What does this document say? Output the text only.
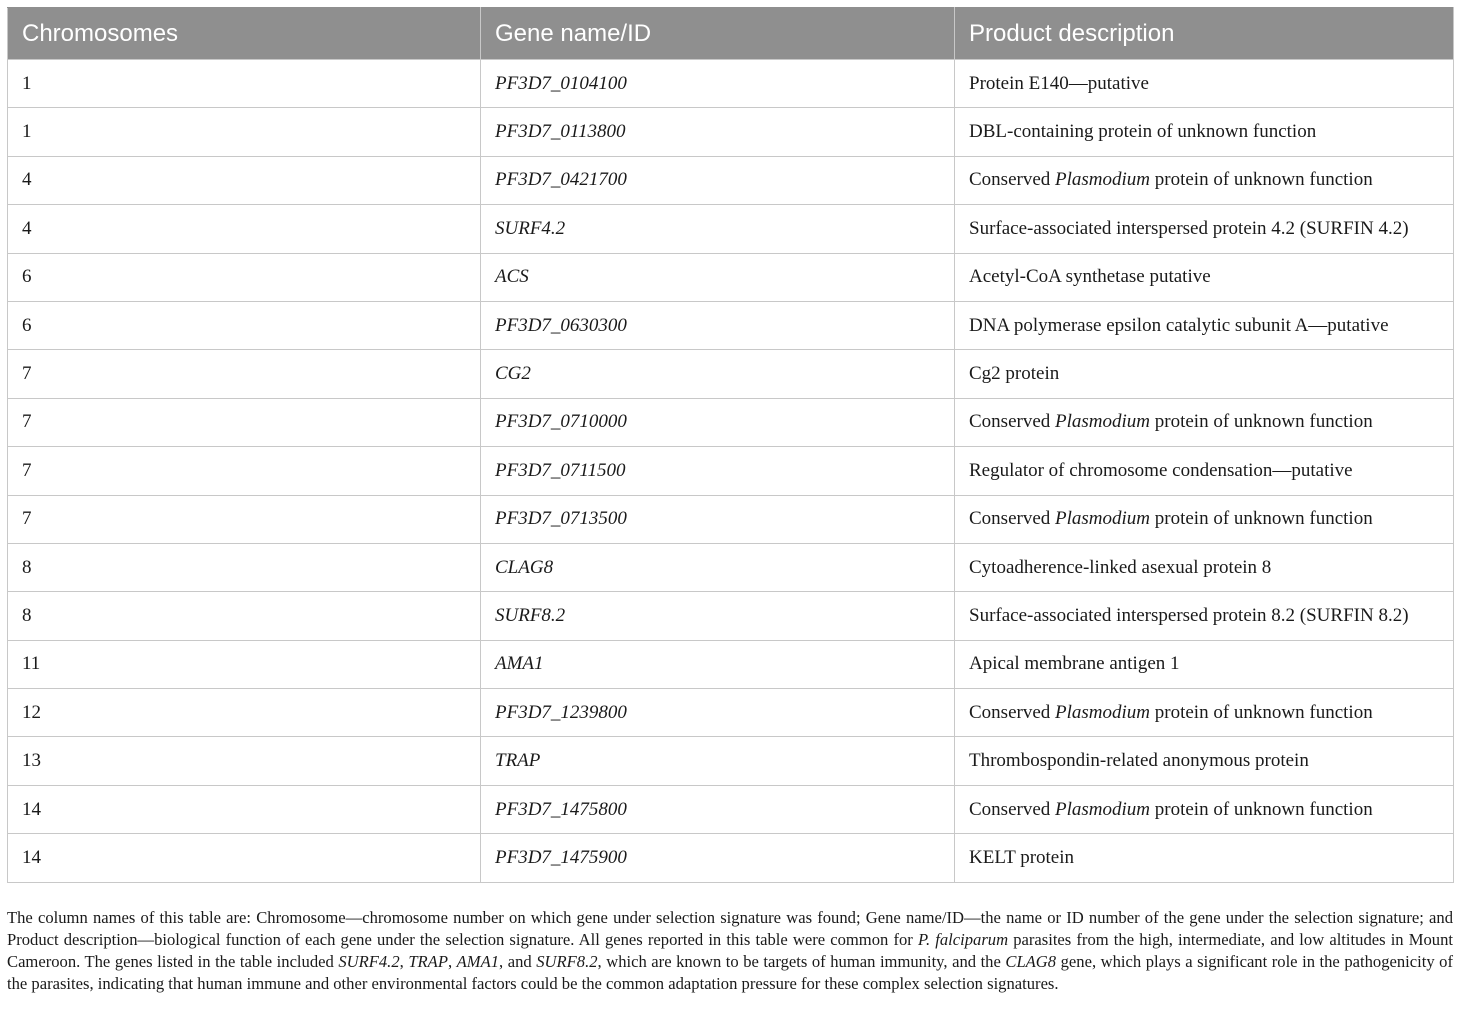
Chromosomes	Gene name/ID	Product description
1	PF3D7_0104100	Protein E140—putative
1	PF3D7_0113800	DBL-containing protein of unknown function
4	PF3D7_0421700	Conserved Plasmodium protein of unknown function
4	SURF4.2	Surface-associated interspersed protein 4.2 (SURFIN 4.2)
6	ACS	Acetyl-CoA synthetase putative
6	PF3D7_0630300	DNA polymerase epsilon catalytic subunit A—putative
7	CG2	Cg2 protein
7	PF3D7_0710000	Conserved Plasmodium protein of unknown function
7	PF3D7_0711500	Regulator of chromosome condensation—putative
7	PF3D7_0713500	Conserved Plasmodium protein of unknown function
8	CLAG8	Cytoadherence-linked asexual protein 8
8	SURF8.2	Surface-associated interspersed protein 8.2 (SURFIN 8.2)
11	AMA1	Apical membrane antigen 1
12	PF3D7_1239800	Conserved Plasmodium protein of unknown function
13	TRAP	Thrombospondin-related anonymous protein
14	PF3D7_1475800	Conserved Plasmodium protein of unknown function
14	PF3D7_1475900	KELT protein

The column names of this table are: Chromosome—chromosome number on which gene under selection signature was found; Gene name/ID—the name or ID number of the gene under the selection signature; and Product description—biological function of each gene under the selection signature. All genes reported in this table were common for P. falciparum parasites from the high, intermediate, and low altitudes in Mount Cameroon. The genes listed in the table included SURF4.2, TRAP, AMA1, and SURF8.2, which are known to be targets of human immunity, and the CLAG8 gene, which plays a significant role in the pathogenicity of the parasites, indicating that human immune and other environmental factors could be the common adaptation pressure for these complex selection signatures.
